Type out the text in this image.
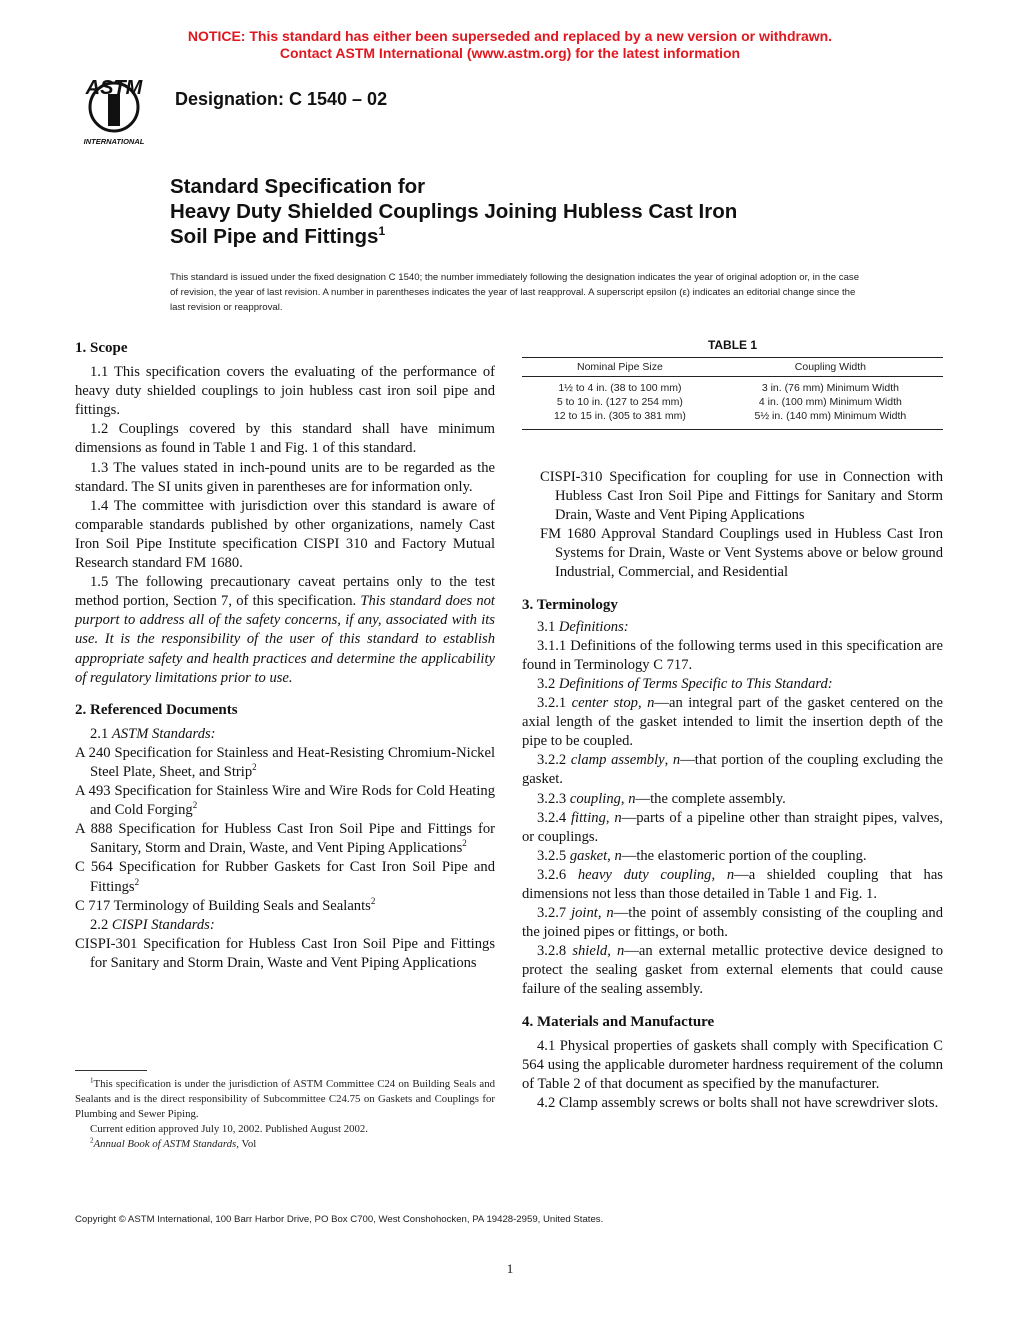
NOTICE: This standard has either been superseded and replaced by a new version or withdrawn.
Contact ASTM International (www.astm.org) for the latest information
ASTM
INTERNATIONAL
Designation: C 1540 – 02
Standard Specification for
Heavy Duty Shielded Couplings Joining Hubless Cast Iron
Soil Pipe and Fittings$^1$
This standard is issued under the fixed designation C 1540; the number immediately following the designation indicates the year of original adoption or, in the case of revision, the year of last revision. A number in parentheses indicates the year of last reapproval. A superscript epsilon (ε) indicates an editorial change since the last revision or reapproval.
1. Scope

1.1 This specification covers the evaluating of the performance of heavy duty shielded couplings to join hubless cast iron soil pipe and fittings.

1.2 Couplings covered by this standard shall have minimum dimensions as found in Table 1 and Fig. 1 of this standard.

1.3 The values stated in inch-pound units are to be regarded as the standard. The SI units given in parentheses are for information only.

1.4 The committee with jurisdiction over this standard is aware of comparable standards published by other organizations, namely Cast Iron Soil Pipe Institute specification CISPI 310 and Factory Mutual Research standard FM 1680.

1.5 The following precautionary caveat pertains only to the test method portion, Section 7, of this specification. This standard does not purport to address all of the safety concerns, if any, associated with its use. It is the responsibility of the user of this standard to establish appropriate safety and health practices and determine the applicability of regulatory limitations prior to use.

2. Referenced Documents

2.1 ASTM Standards:

A 240 Specification for Stainless and Heat-Resisting Chromium-Nickel Steel Plate, Sheet, and Strip$^2$

A 493 Specification for Stainless Wire and Wire Rods for Cold Heating and Cold Forging$^2$

A 888 Specification for Hubless Cast Iron Soil Pipe and Fittings for Sanitary, Storm and Drain, Waste, and Vent Piping Applications$^2$

C 564 Specification for Rubber Gaskets for Cast Iron Soil Pipe and Fittings$^2$

C 717 Terminology of Building Seals and Sealants$^2$

2.2 CISPI Standards:

CISPI-301 Specification for Hubless Cast Iron Soil Pipe and Fittings for Sanitary and Storm Drain, Waste and Vent Piping Applications

TABLE 1
Nominal Pipe Size	Coupling Width
1½ to 4 in. (38 to 100 mm)	3 in. (76 mm) Minimum Width
5 to 10 in. (127 to 254 mm)	4 in. (100 mm) Minimum Width
12 to 15 in. (305 to 381 mm)	5½ in. (140 mm) Minimum Width

CISPI-310 Specification for coupling for use in Connection with Hubless Cast Iron Soil Pipe and Fittings for Sanitary and Storm Drain, Waste and Vent Piping Applications

FM 1680 Approval Standard Couplings used in Hubless Cast Iron Systems for Drain, Waste or Vent Systems above or below ground Industrial, Commercial, and Residential

3. Terminology

3.1 Definitions:

3.1.1 Definitions of the following terms used in this specification are found in Terminology C 717.

3.2 Definitions of Terms Specific to This Standard:

3.2.1 center stop, n—an integral part of the gasket centered on the axial length of the gasket intended to limit the insertion depth of the pipe to be coupled.

3.2.2 clamp assembly, n—that portion of the coupling excluding the gasket.

3.2.3 coupling, n—the complete assembly.

3.2.4 fitting, n—parts of a pipeline other than straight pipes, valves, or couplings.

3.2.5 gasket, n—the elastomeric portion of the coupling.

3.2.6 heavy duty coupling, n—a shielded coupling that has dimensions not less than those detailed in Table 1 and Fig. 1.

3.2.7 joint, n—the point of assembly consisting of the coupling and the joined pipes or fittings, or both.

3.2.8 shield, n—an external metallic protective device designed to protect the sealing gasket from external elements that could cause failure of the sealing assembly.

4. Materials and Manufacture

4.1 Physical properties of gaskets shall comply with Specification C 564 using the applicable durometer hardness requirement of the column of Table 2 of that document as specified by the manufacturer.

4.2 Clamp assembly screws or bolts shall not have screwdriver slots.

$^1$This specification is under the jurisdiction of ASTM Committee C24 on Building Seals and Sealants and is the direct responsibility of Subcommittee C24.75 on Gaskets and Couplings for Plumbing and Sewer Piping.

Current edition approved July 10, 2002. Published August 2002.

$^2$Annual Book of ASTM Standards, Vol

Copyright © ASTM International, 100 Barr Harbor Drive, PO Box C700, West Conshohocken, PA 19428-2959, United States.
1
